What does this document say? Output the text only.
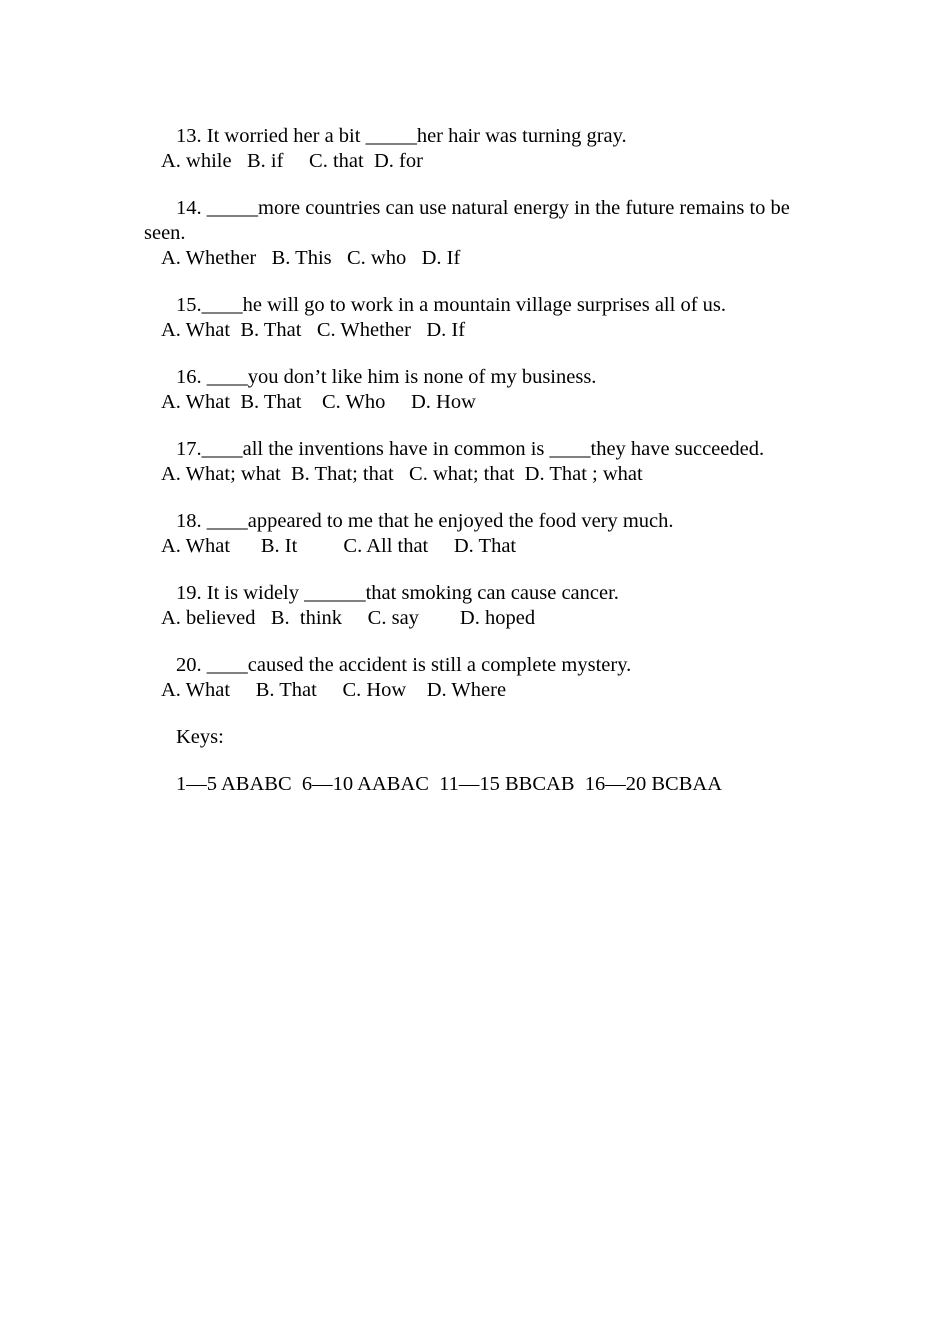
13. It worried her a bit _____her hair was turning gray.

A. while   B. if     C. that  D. for

14. _____more countries can use natural energy in the future remains to be seen.

A. Whether   B. This   C. who   D. If

15.____he will go to work in a mountain village surprises all of us.

A. What  B. That   C. Whether   D. If

16. ____you don’t like him is none of my business.

A. What  B. That    C. Who     D. How

17.____all the inventions have in common is ____they have succeeded.

A. What; what  B. That; that   C. what; that  D. That ; what

18. ____appeared to me that he enjoyed the food very much.

A. What      B. It         C. All that     D. That

19. It is widely ______that smoking can cause cancer.

A. believed   B.  think     C. say        D. hoped

20. ____caused the accident is still a complete mystery.

A. What     B. That     C. How    D. Where

Keys:

1—5 ABABC  6—10 AABAC  11—15 BBCAB  16—20 BCBAA
